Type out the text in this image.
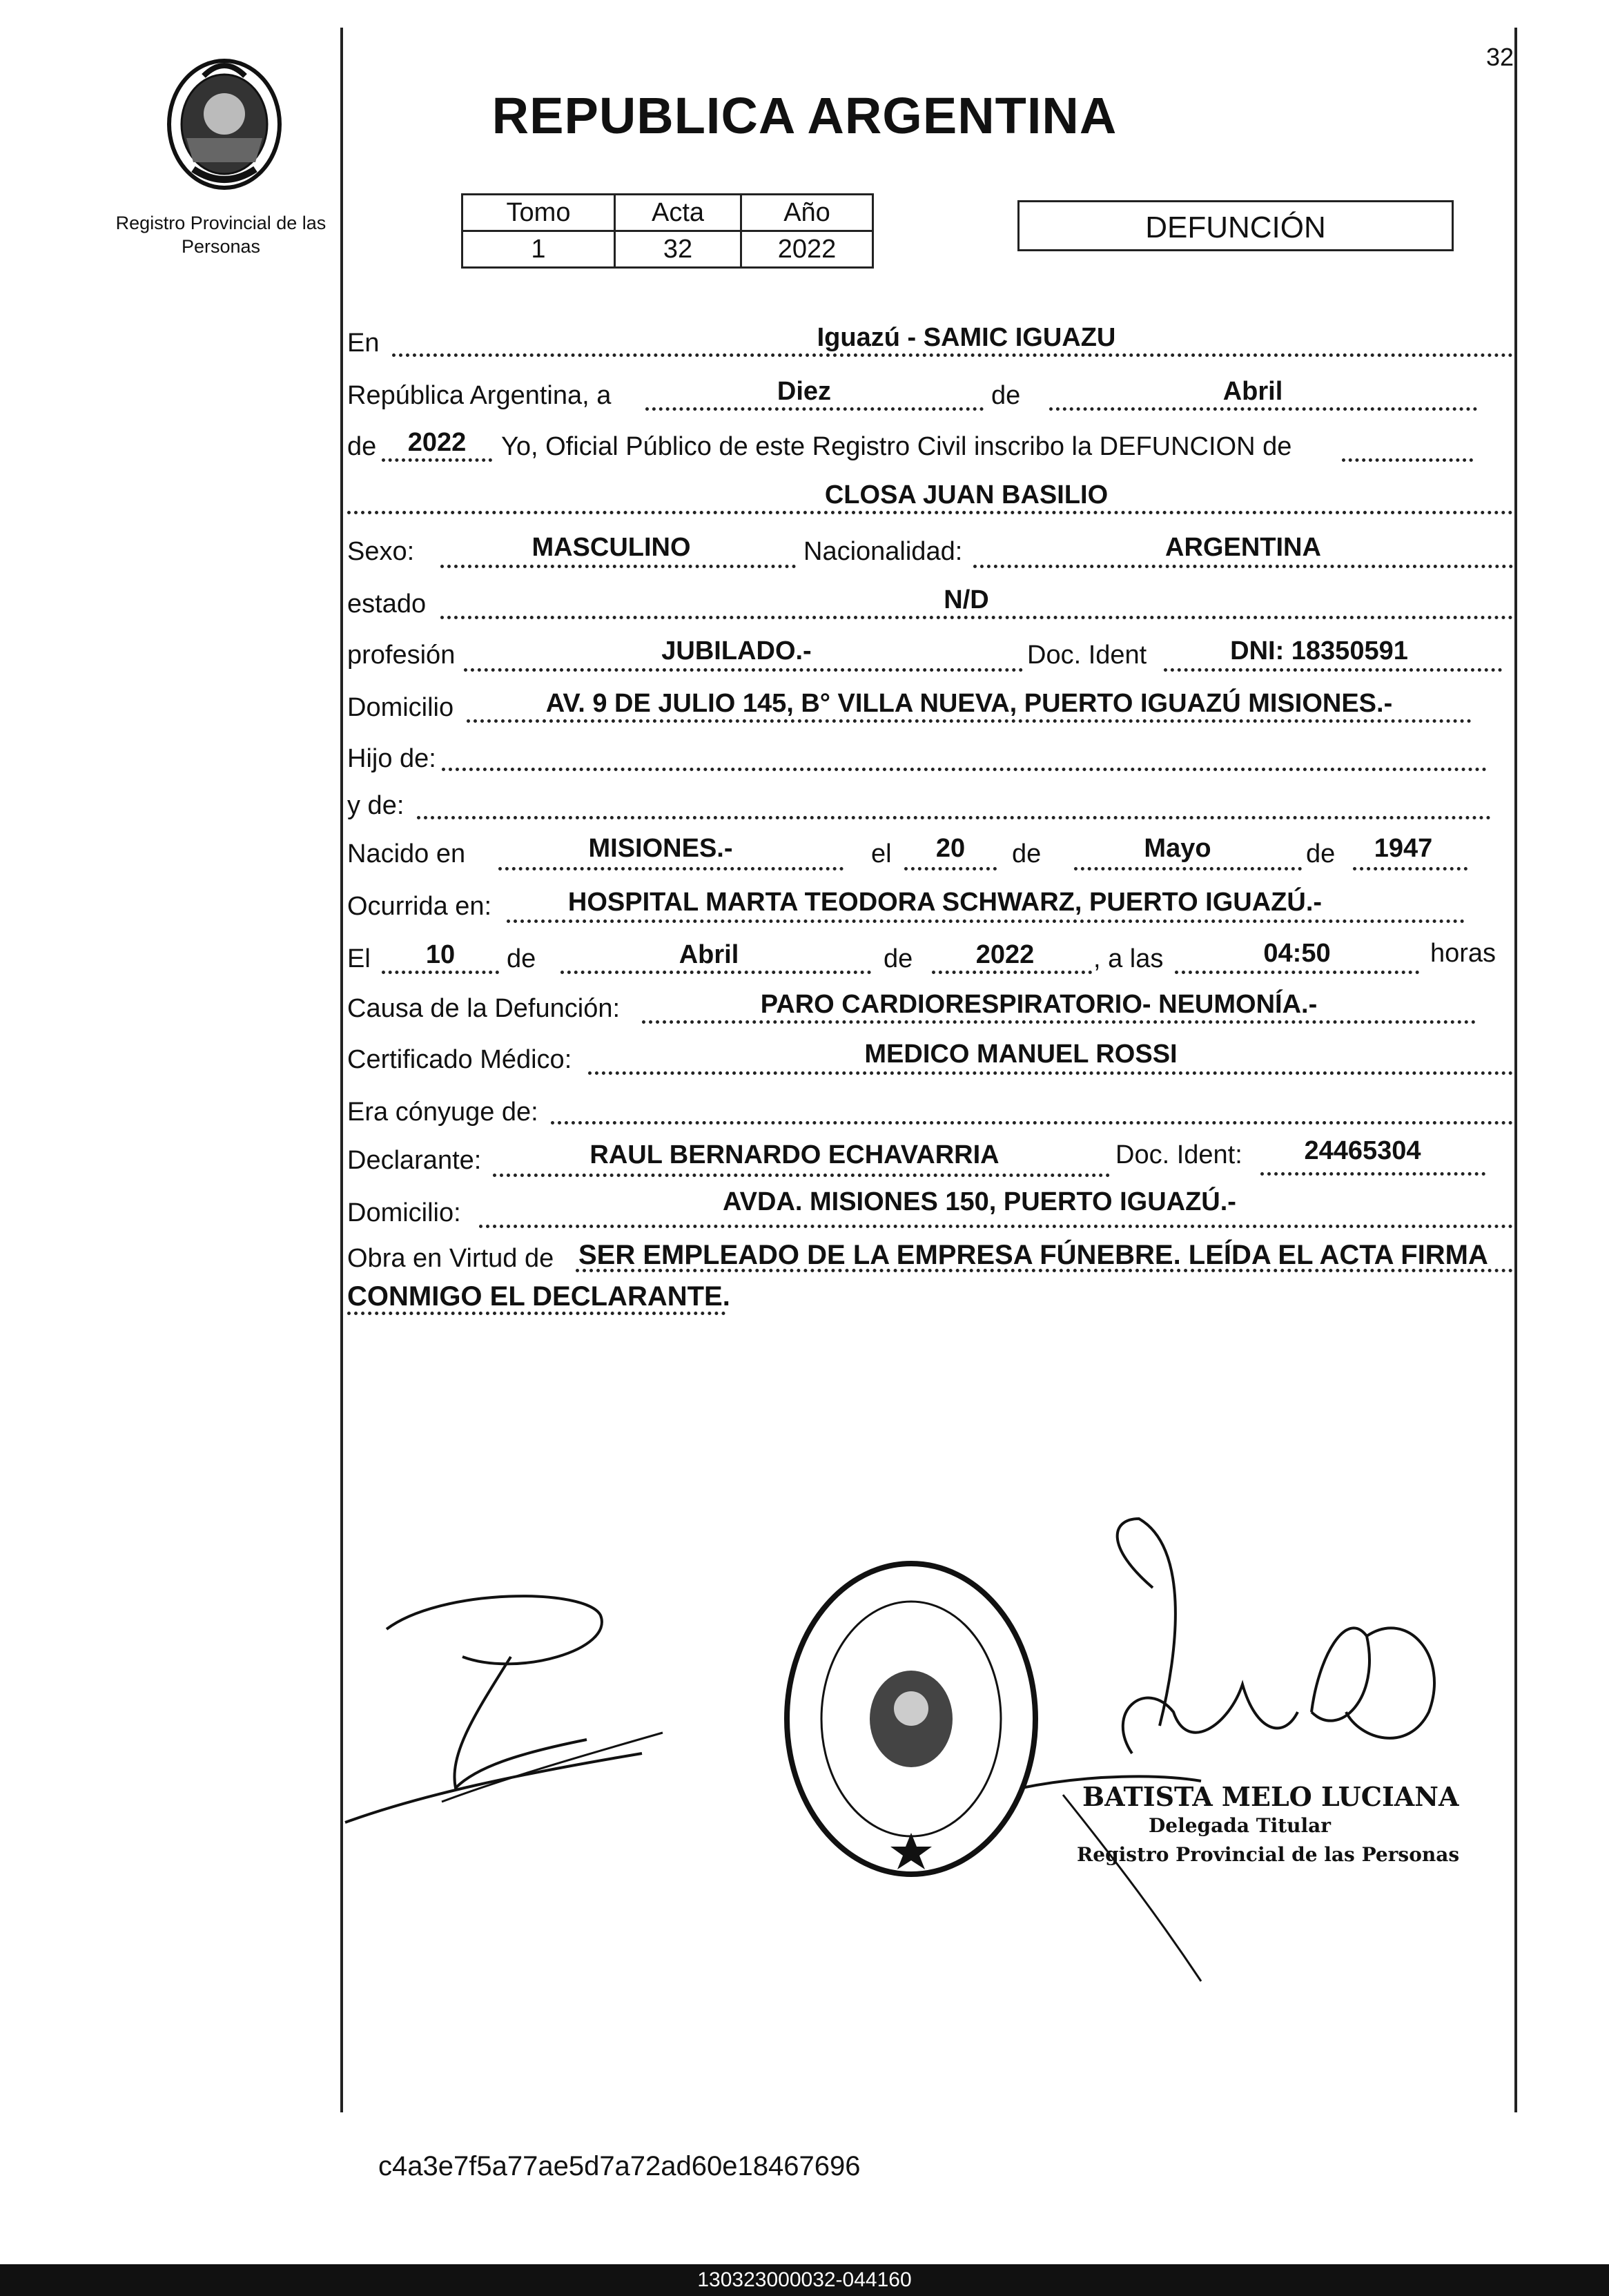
32
Registro Provincial de las Personas
REPUBLICA ARGENTINA
Tomo	Acta	Año
1	32	2022
DEFUNCIÓN
En	Iguazú - SAMIC IGUAZU
República Argentina, a	Diez	de	Abril
de	2022	Yo, Oficial Público de este Registro Civil inscribo la DEFUNCION de
CLOSA JUAN BASILIO
Sexo:	MASCULINO	Nacionalidad:	ARGENTINA
estado	N/D
profesión	JUBILADO.-	Doc. Ident	DNI: 18350591
Domicilio	AV. 9 DE JULIO 145, B° VILLA NUEVA, PUERTO IGUAZÚ MISIONES.-
Hijo de:
y de:
Nacido en	MISIONES.-	el	20	de	Mayo	de	1947
Ocurrida en:	HOSPITAL MARTA TEODORA SCHWARZ, PUERTO IGUAZÚ.-
El	10	de	Abril	de	2022	, a las	04:50	horas
Causa de la Defunción:	PARO CARDIORESPIRATORIO- NEUMONÍA.-
Certificado Médico:	MEDICO MANUEL ROSSI
Era cónyuge de:
Declarante:	RAUL BERNARDO ECHAVARRIA	Doc. Ident:	24465304
Domicilio:	AVDA. MISIONES 150, PUERTO IGUAZÚ.-
Obra en Virtud de SER EMPLEADO DE LA EMPRESA FÚNEBRE. LEÍDA EL ACTA FIRMA
CONMIGO EL DECLARANTE.
BATISTA MELO LUCIANA
Delegada Titular
Registro Provincial de las Personas
c4a3e7f5a77ae5d7a72ad60e18467696
130323000032-044160
